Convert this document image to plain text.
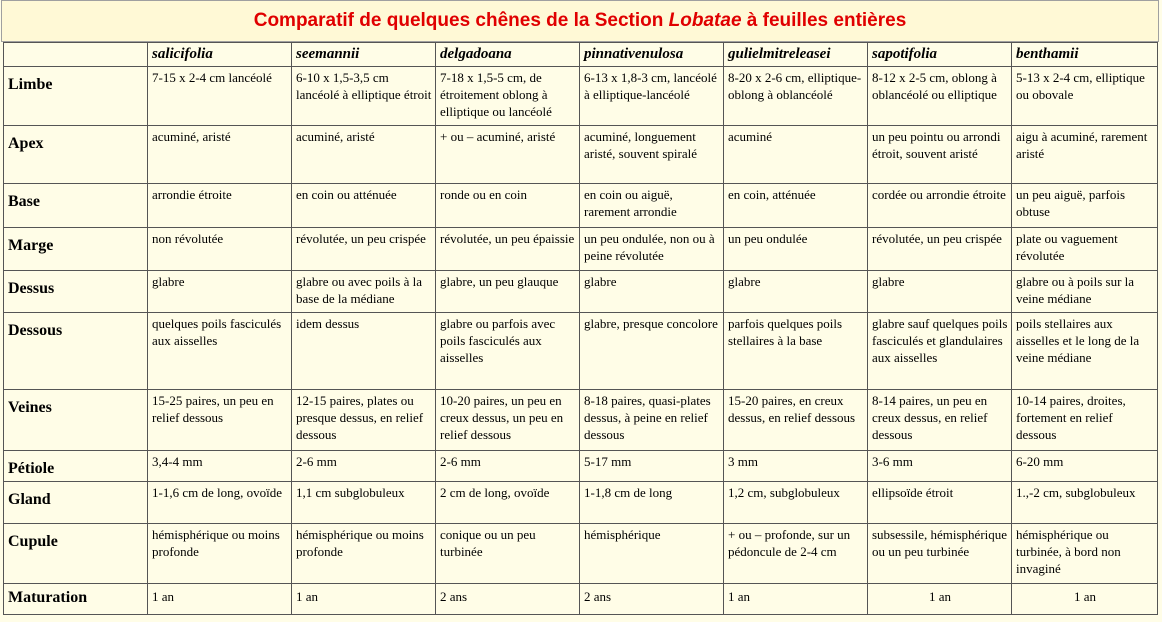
Comparatif de quelques chênes de la Section Lobatae à feuilles entières
	salicifolia	seemannii	delgadoana	pinnativenulosa	gulielmitreleasei	sapotifolia	benthamii
Limbe	7-15 x 2-4 cm lancéolé	6-10 x 1,5-3,5 cm lancéolé à elliptique étroit	7-18 x 1,5-5 cm, de étroitement oblong à elliptique ou lancéolé	6-13 x 1,8-3 cm, lancéolé à elliptique-lancéolé	8-20 x 2-6 cm, elliptique-oblong à oblancéolé	8-12 x 2-5 cm, oblong à oblancéolé ou elliptique	5-13 x 2-4 cm, elliptique ou obovale
Apex	acuminé, aristé	acuminé, aristé	+ ou – acuminé, aristé	acuminé, longuement aristé, souvent spiralé	acuminé	un peu pointu ou arrondi étroit, souvent aristé	aigu à acuminé, rarement aristé
Base	arrondie étroite	en coin ou atténuée	ronde ou en coin	en coin ou aiguë, rarement arrondie	en coin, atténuée	cordée ou arrondie étroite	un peu aiguë, parfois obtuse
Marge	non révolutée	révolutée, un peu crispée	révolutée, un peu épaissie	un peu ondulée, non ou à peine révolutée	un peu ondulée	révolutée, un peu crispée	plate ou vaguement révolutée
Dessus	glabre	glabre ou avec poils à la base de la médiane	glabre, un peu glauque	glabre	glabre	glabre	glabre ou à poils sur la veine médiane
Dessous	quelques poils fasciculés aux aisselles	idem dessus	glabre ou parfois avec poils fasciculés aux aisselles	glabre, presque concolore	parfois quelques poils stellaires à la base	glabre sauf quelques poils fasciculés et glandulaires aux aisselles	poils stellaires aux aisselles et le long de la veine médiane
Veines	15-25 paires, un peu en relief dessous	12-15 paires, plates ou presque dessus, en relief dessous	10-20 paires, un peu en creux dessus, un peu en relief dessous	8-18 paires, quasi-plates dessus, à peine en relief dessous	15-20 paires, en creux dessus, en relief dessous	8-14 paires, un peu en creux dessus, en relief dessous	10-14 paires, droites, fortement en relief dessous
Pétiole	3,4-4 mm	2-6 mm	2-6 mm	5-17 mm	3 mm	3-6 mm	6-20 mm
Gland	1-1,6 cm de long, ovoïde	1,1 cm subglobuleux	2 cm de long, ovoïde	1-1,8 cm de long	1,2 cm, subglobuleux	ellipsoïde étroit	1.,-2 cm, subglobuleux
Cupule	hémisphérique ou moins profonde	hémisphérique ou moins profonde	conique ou un peu turbinée	hémisphérique	+ ou – profonde, sur un pédoncule de 2-4 cm	subsessile, hémisphérique ou un peu turbinée	hémisphérique ou turbinée, à bord non invaginé
Maturation	1 an	1 an	2 ans	2 ans	1 an	1 an	1 an
